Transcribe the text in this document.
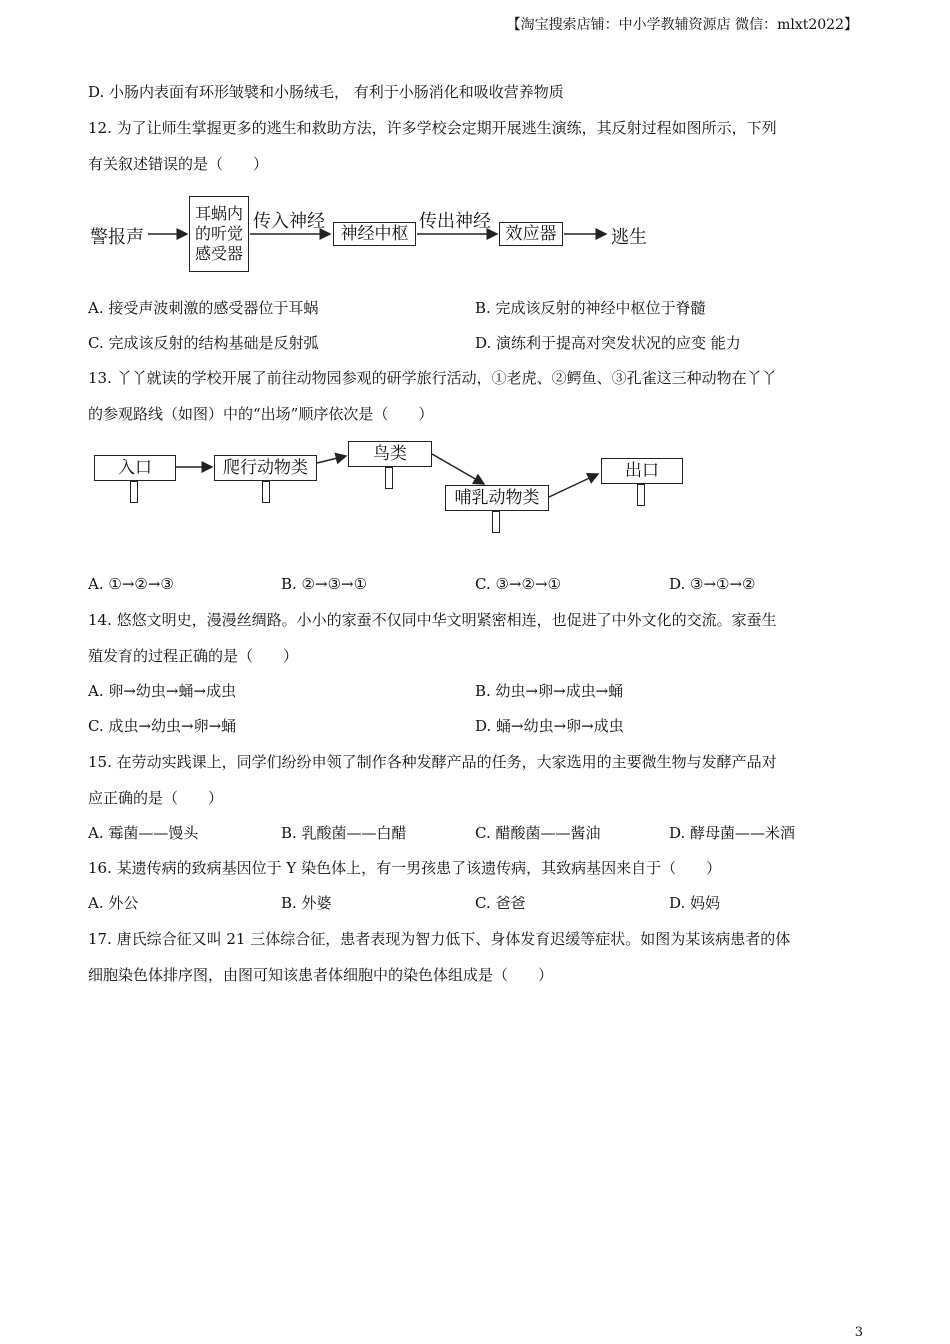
【淘宝搜索店铺：中小学教辅资源店 微信：mlxt2022】
3
D. 小肠内表面有环形皱襞和小肠绒毛， 有利于小肠消化和吸收营养物质
12. 为了让师生掌握更多的逃生和救助方法，许多学校会定期开展逃生演练，其反射过程如图所示，下列
有关叙述错误的是（　　）
警报声
耳蜗内
的听觉
感受器
传入神经
神经中枢
传出神经
效应器	逃生
A. 接受声波刺激的感受器位于耳蜗	B. 完成该反射的神经中枢位于脊髓
C. 完成该反射的结构基础是反射弧	D. 演练利于提高对突发状况的应变 能力
13. 丫丫就读的学校开展了前往动物园参观的研学旅行活动，①老虎、②鳄鱼、③孔雀这三种动物在丫丫
的参观路线（如图）中的“出场”顺序依次是（　　）
入口	爬行动物类
鸟类
哺乳动物类
出口
A. ①→②→③	B. ②→③→①	C. ③→②→①	D. ③→①→②
14. 悠悠文明史，漫漫丝绸路。小小的家蚕不仅同中华文明紧密相连，也促进了中外文化的交流。家蚕生
殖发育的过程正确的是（　　）
A. 卵→幼虫→蛹→成虫	B. 幼虫→卵→成虫→蛹
C. 成虫→幼虫→卵→蛹	D. 蛹→幼虫→卵→成虫
15. 在劳动实践课上，同学们纷纷申领了制作各种发酵产品的任务，大家选用的主要微生物与发酵产品对
应正确的是（　　）
A. 霉菌——馒头	B. 乳酸菌——白醋	C. 醋酸菌——酱油	D. 酵母菌——米酒
16. 某遗传病的致病基因位于 Y 染色体上，有一男孩患了该遗传病，其致病基因来自于（　　）
A. 外公	B. 外婆	C. 爸爸	D. 妈妈
17. 唐氏综合征又叫 21 三体综合征，患者表现为智力低下、身体发育迟缓等症状。如图为某该病患者的体
细胞染色体排序图，由图可知该患者体细胞中的染色体组成是（　　）
